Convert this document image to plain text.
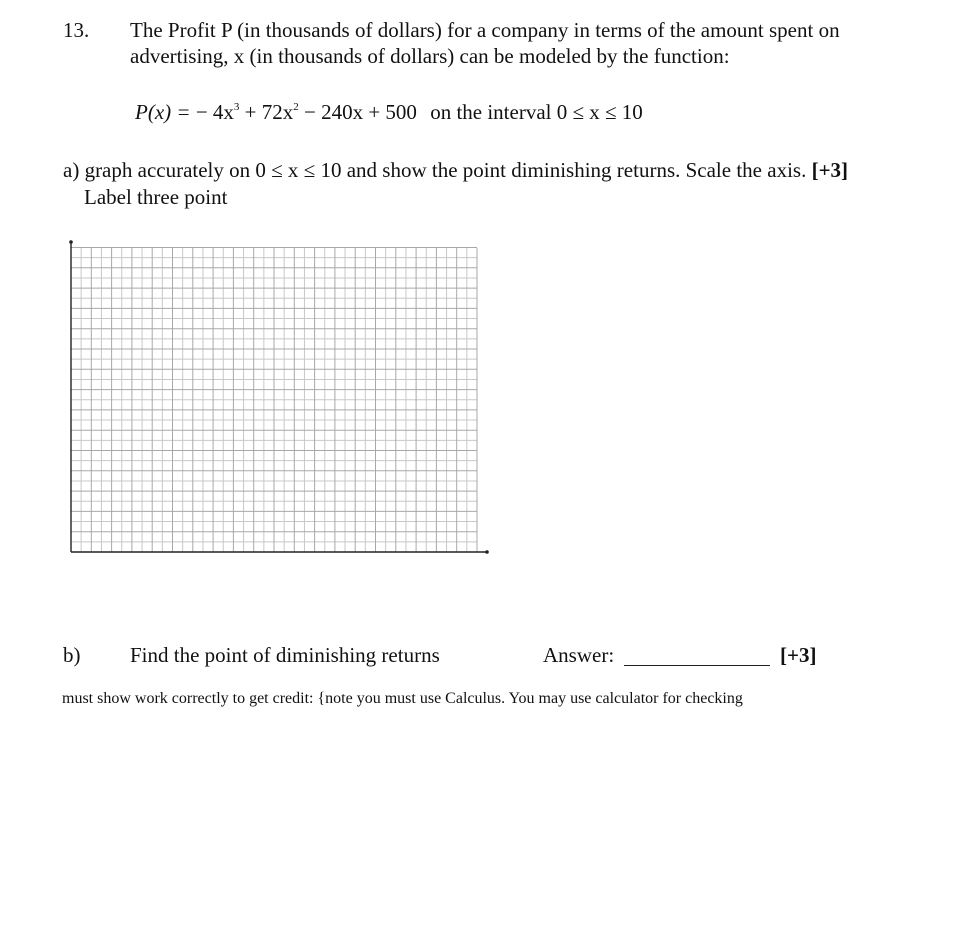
13. The Profit P (in thousands of dollars) for a company in terms of the amount spent on
advertising, x (in thousands of dollars) can be modeled by the function:
P(x) = − $4x^3 + 72x^2 - 240x + 500$ on the interval 0 ≤ x ≤ 10
a) graph accurately on 0 ≤ x ≤ 10 and show the point diminishing returns. Scale the axis. [+3]
Label three point
b) Find the point of diminishing returns	Answer:	[+3]
must show work correctly to get credit: {note you must use Calculus. You may use calculator for checking
